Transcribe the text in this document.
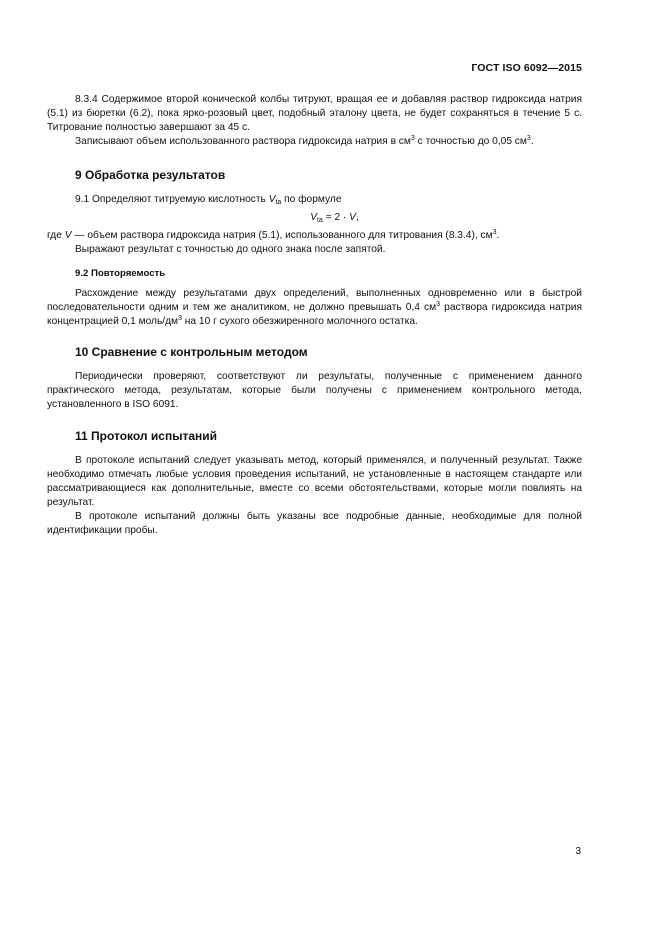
ГОСТ ISO 6092—2015

8.3.4 Содержимое второй конической колбы титруют, вращая ее и добавляя раствор гидроксида натрия (5.1) из бюретки (6.2), пока ярко-розовый цвет, подобный эталону цвета, не будет сохраняться в течение 5 с. Титрование полностью завершают за 45 с.

Записывают объем использованного раствора гидроксида натрия в $см^3$ с точностью до 0,05 $см^3$.

9 Обработка результатов

9.1 Определяют титруемую кислотность $V_{ta}$ по формуле

$V_{ta} = 2 \cdot V$,

где V — объем раствора гидроксида натрия (5.1), использованного для титрования (8.3.4), $см^3$.

Выражают результат с точностью до одного знака после запятой.

9.2 Повторяемость

Расхождение между результатами двух определений, выполненных одновременно или в быстрой последовательности одним и тем же аналитиком, не должно превышать 0,4 $см^3$ раствора гидроксида натрия концентрацией 0,1 моль/$дм^3$ на 10 г сухого обезжиренного молочного остатка.

10 Сравнение с контрольным методом

Периодически проверяют, соответствуют ли результаты, полученные с применением данного практического метода, результатам, которые были получены с применением контрольного метода, установленного в ISO 6091.

11 Протокол испытаний

В протоколе испытаний следует указывать метод, который применялся, и полученный результат. Также необходимо отмечать любые условия проведения испытаний, не установленные в настоящем стандарте или рассматривающиеся как дополнительные, вместе со всеми обстоятельствами, которые могли повлиять на результат.

В протоколе испытаний должны быть указаны все подробные данные, необходимые для полной идентификации пробы.

3
